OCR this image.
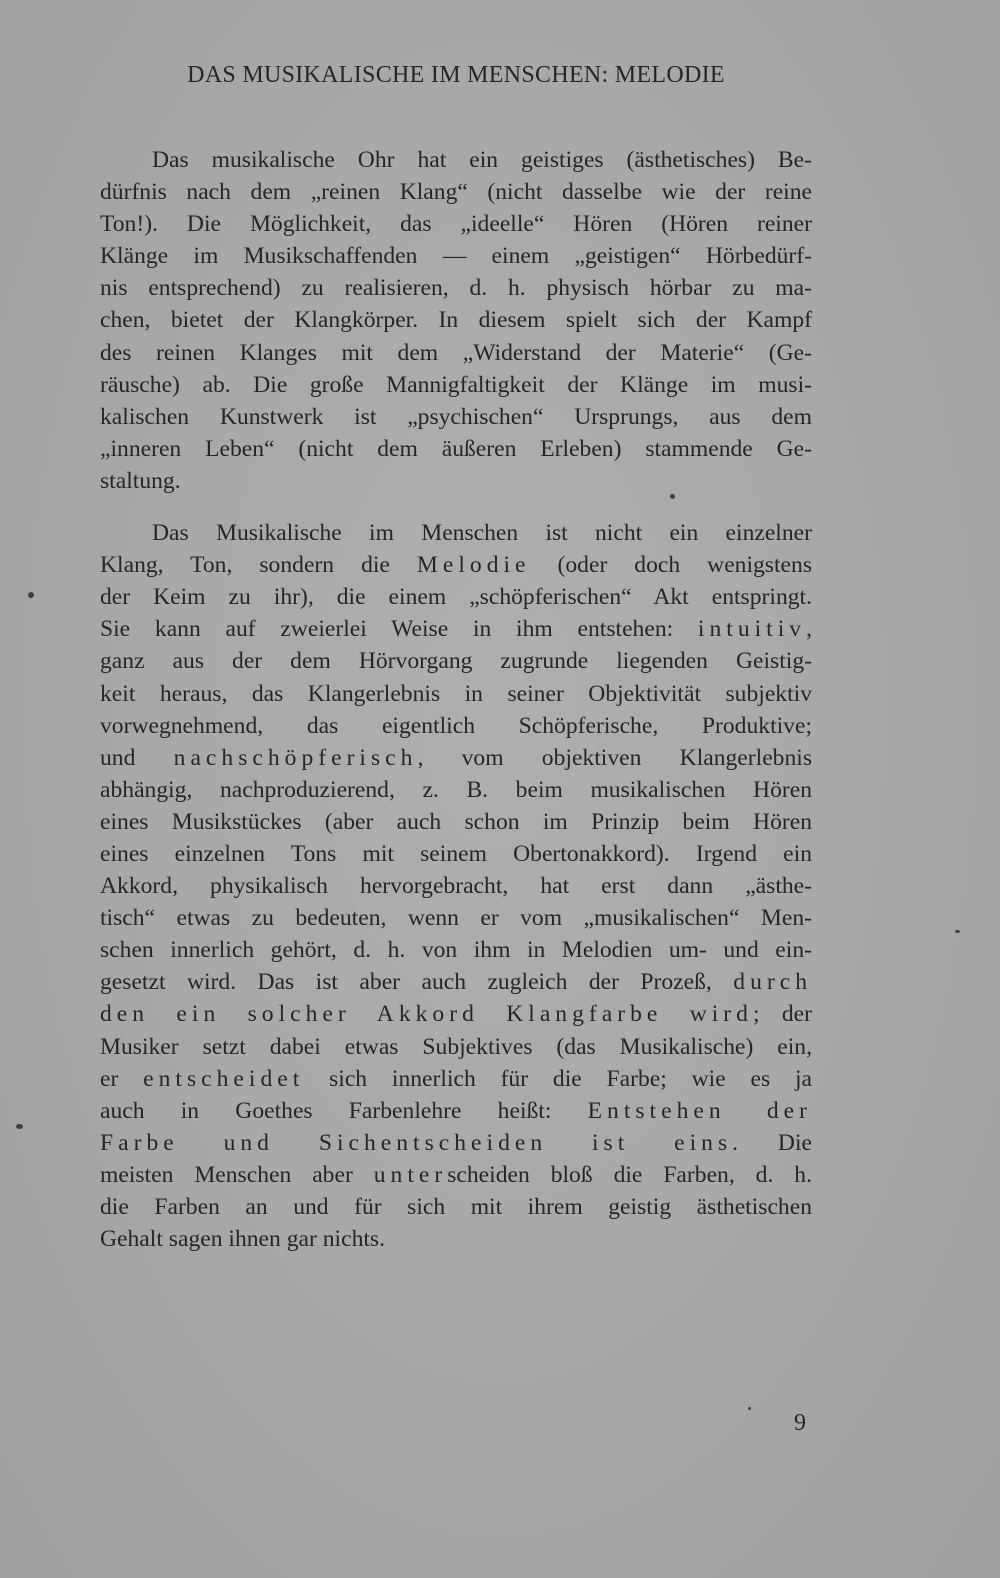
DAS MUSIKALISCHE IM MENSCHEN: MELODIE
Das musikalische Ohr hat ein geistiges (ästhetisches) Be-
dürfnis nach dem „reinen Klang“ (nicht dasselbe wie der reine
Ton!). Die Möglichkeit, das „ideelle“ Hören (Hören reiner
Klänge im Musikschaffenden — einem „geistigen“ Hörbedürf-
nis entsprechend) zu realisieren, d. h. physisch hörbar zu ma-
chen, bietet der Klangkörper. In diesem spielt sich der Kampf
des reinen Klanges mit dem „Widerstand der Materie“ (Ge-
räusche) ab. Die große Mannigfaltigkeit der Klänge im musi-
kalischen Kunstwerk ist „psychischen“ Ursprungs, aus dem
„inneren Leben“ (nicht dem äußeren Erleben) stammende Ge-
staltung.
Das Musikalische im Menschen ist nicht ein einzelner
Klang, Ton, sondern die Melodie (oder doch wenigstens
der Keim zu ihr), die einem „schöpferischen“ Akt entspringt.
Sie kann auf zweierlei Weise in ihm entstehen: intuitiv,
ganz aus der dem Hörvorgang zugrunde liegenden Geistig-
keit heraus, das Klangerlebnis in seiner Objektivität subjektiv
vorwegnehmend, das eigentlich Schöpferische, Produktive;
und nachschöpferisch, vom objektiven Klangerlebnis
abhängig, nachproduzierend, z. B. beim musikalischen Hören
eines Musikstückes (aber auch schon im Prinzip beim Hören
eines einzelnen Tons mit seinem Obertonakkord). Irgend ein
Akkord, physikalisch hervorgebracht, hat erst dann „ästhe-
tisch“ etwas zu bedeuten, wenn er vom „musikalischen“ Men-
schen innerlich gehört, d. h. von ihm in Melodien um- und ein-
gesetzt wird. Das ist aber auch zugleich der Prozeß, durch
den ein solcher Akkord Klangfarbe wird; der
Musiker setzt dabei etwas Subjektives (das Musikalische) ein,
er entscheidet sich innerlich für die Farbe; wie es ja
auch in Goethes Farbenlehre heißt: Entstehen der
Farbe und Sichentscheiden ist eins. Die
meisten Menschen aber unterscheiden bloß die Farben, d. h.
die Farben an und für sich mit ihrem geistig ästhetischen
Gehalt sagen ihnen gar nichts.
9
